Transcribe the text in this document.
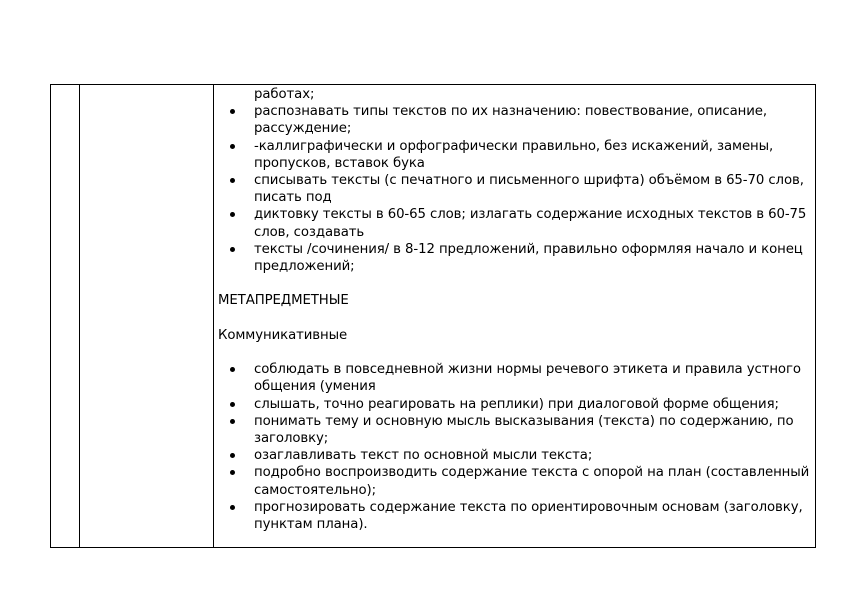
работах;

распознавать типы текстов по их назначению: повествование, описание, рассуждение;
-каллиграфически и орфографически правильно, без искажений, замены, пропусков, вставок бука
списывать тексты (с печатного и письменного шрифта) объёмом в 65-70 слов, писать под
диктовку тексты в 60-65 слов; излагать содержание исходных текстов в 60-75 слов, создавать
тексты /сочинения/ в 8-12 предложений, правильно оформляя начало и конец предложений;

МЕТАПРЕДМЕТНЫЕ

Коммуникативные

соблюдать в повседневной жизни нормы речевого этикета и правила устного общения (умения
слышать, точно реагировать на реплики) при диалоговой форме общения;
понимать тему и основную мысль высказывания (текста) по содержанию, по заголовку;
озаглавливать текст по основной мысли текста;
подробно воспроизводить содержание текста с опорой на план (составленный самостоятельно);
прогнозировать содержание текста по ориентировочным основам (заголовку, пунктам плана).
